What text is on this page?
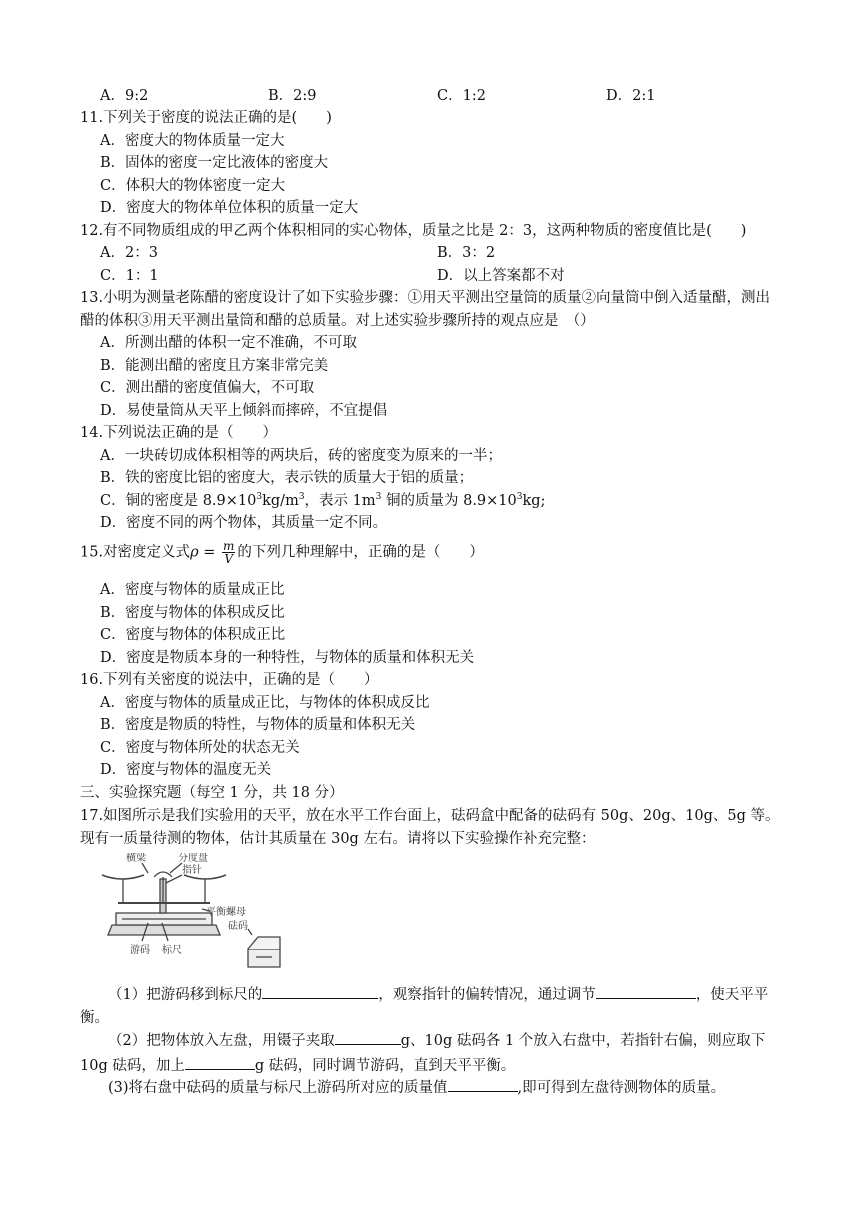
A．9:2	B．2:9	C．1:2	D．2:1
11.下列关于密度的说法正确的是(　　)
A．密度大的物体质量一定大
B．固体的密度一定比液体的密度大
C．体积大的物体密度一定大
D．密度大的物体单位体积的质量一定大
12.有不同物质组成的甲乙两个体积相同的实心物体，质量之比是 2：3，这两种物质的密度值比是(　　)
A．2：3	B．3：2
C．1：1	D．以上答案都不对
13.小明为测量老陈醋的密度设计了如下实验步骤：①用天平测出空量筒的质量②向量筒中倒入适量醋，测出醋的体积③用天平测出量筒和醋的总质量。对上述实验步骤所持的观点应是　（）
A．所测出醋的体积一定不准确，不可取
B．能测出醋的密度且方案非常完美
C．测出醋的密度值偏大，不可取
D．易使量筒从天平上倾斜而摔碎，不宜提倡
14.下列说法正确的是（　　）
A．一块砖切成体积相等的两块后，砖的密度变为原来的一半；
B．铁的密度比铝的密度大，表示铁的质量大于铝的质量；
C．铜的密度是 $8.9\times 10^3kg/m^3$，表示 $1m^3$ 铜的质量为 $8.9\times 10^3kg$;
D．密度不同的两个物体，其质量一定不同。
15.对密度定义式$\rho = \frac{m}{V}$ 的下列几种理解中，正确的是（　　）
A．密度与物体的质量成正比
B．密度与物体的体积成反比
C．密度与物体的体积成正比
D．密度是物质本身的一种特性，与物体的质量和体积无关
16.下列有关密度的说法中，正确的是（　　）
A．密度与物体的质量成正比，与物体的体积成反比
B．密度是物质的特性，与物体的质量和体积无关
C．密度与物体所处的状态无关
D．密度与物体的温度无关
三、实验探究题（每空 1 分，共 18 分）
17.如图所示是我们实验用的天平，放在水平工作台面上，砝码盒中配备的砝码有 50g、20g、10g、5g 等。现有一质量待测的物体，估计其质量在 30g 左右。请将以下实验操作补充完整：
横梁	分度盘
指针
平衡螺母
游码 标尺
砝码
（1）把游码移到标尺的	，观察指针的偏转情况，通过调节	，使天平平衡。
（2）把物体放入左盘，用镊子夹取	g、10g 砝码各 1 个放入右盘中，若指针右偏，则应取下 10g 砝码，加上	g 砝码，同时调节游码，直到天平平衡。
(3)将右盘中砝码的质量与标尺上游码所对应的质量值	,即可得到左盘待测物体的质量。
